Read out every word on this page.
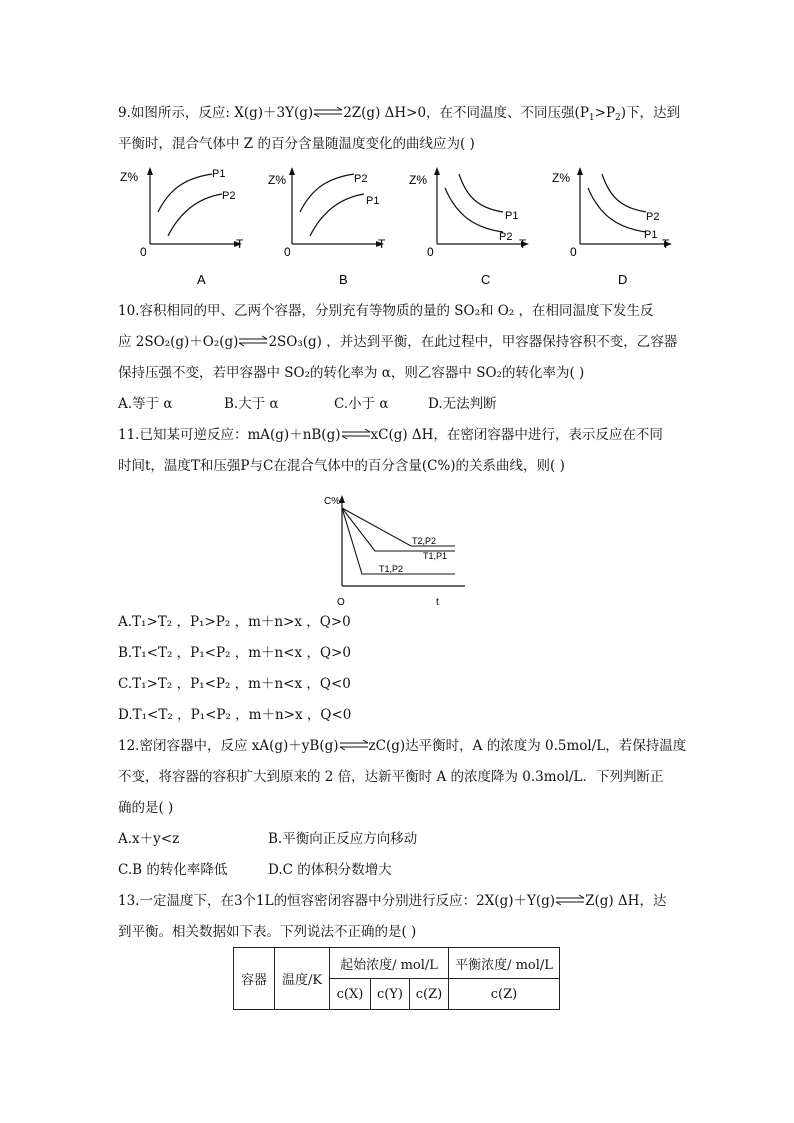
9.如图所示，反应: X(g)＋3Y(g) 2Z(g) ΔH>0，在不同温度、不同压强$(P_1>P_2)$下，达到
平衡时，混合气体中 Z 的百分含量随温度变化的曲线应为( )
Z%
T
0
P1
P2
A
Z%
T
0
P2
P1
B
Z%
T
0
P1
P2
C
Z%
T
0
P2
P1
D
10.容积相同的甲、乙两个容器，分别充有等物质的量的 SO₂和 O₂ ，在相同温度下发生反
应 2SO₂(g)＋O₂(g) 2SO₃(g) ，并达到平衡，在此过程中，甲容器保持容积不变，乙容器
保持压强不变，若甲容器中 SO₂的转化率为 α，则乙容器中 SO₂的转化率为( )
A.等于 α	B.大于 α	C.小于 α	D.无法判断
11.已知某可逆反应：mA(g)＋nB(g) xC(g) ΔH，在密闭容器中进行，表示反应在不同
时间t，温度T和压强P与C在混合气体中的百分含量(C%)的关系曲线，则( )
C%
t
O
T2,P2
T1,P1
T1,P2
A.T₁>T₂ ，P₁>P₂ ，m＋n>x ，Q>0
B.T₁<T₂ ，P₁<P₂ ，m＋n<x ，Q>0
C.T₁>T₂ ，P₁<P₂ ，m＋n<x ，Q<0
D.T₁<T₂ ，P₁<P₂ ，m＋n>x ，Q<0
12.密闭容器中，反应 xA(g)＋yB(g) zC(g)达平衡时，A 的浓度为 0.5mol/L，若保持温度
不变，将容器的容积扩大到原来的 2 倍，达新平衡时 A 的浓度降为 0.3mol/L．下列判断正
确的是( )
A.x＋y<z	B.平衡向正反应方向移动
C.B 的转化率降低	D.C 的体积分数增大
13.一定温度下，在3个1L的恒容密闭容器中分别进行反应：2X(g)＋Y(g) Z(g) ΔH，达
到平衡。相关数据如下表。下列说法不正确的是( )
容器	温度/K	起始浓度/ mol/L			平衡浓度/ mol/L
		c(X)	c(Y)	c(Z)	c(Z)
